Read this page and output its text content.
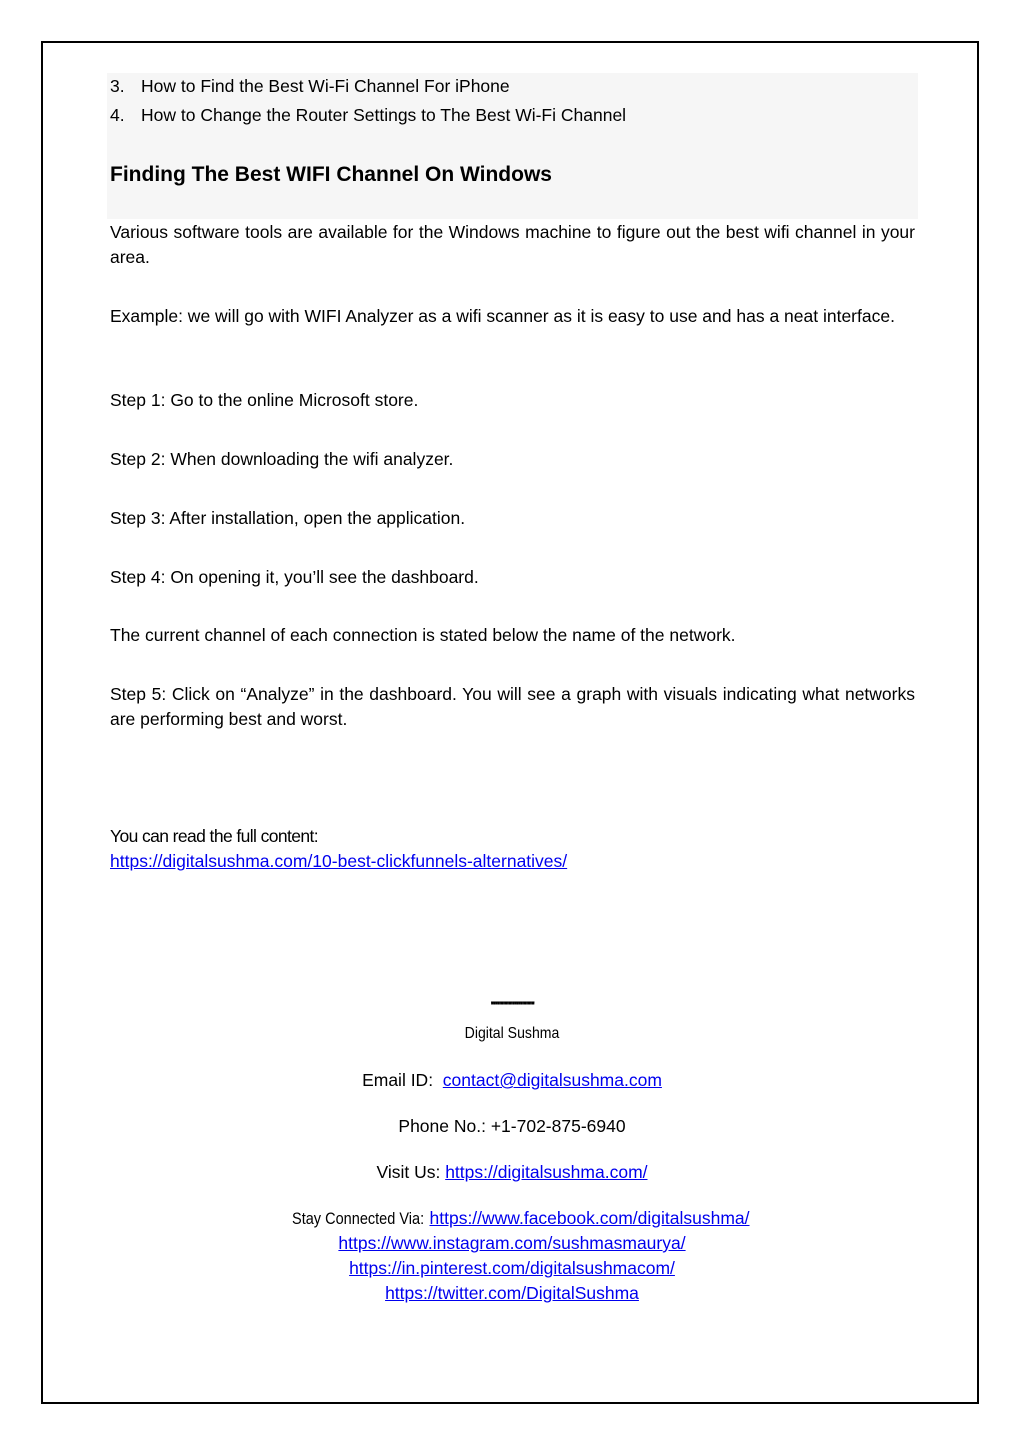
3. How to Find the Best Wi-Fi Channel For iPhone
4. How to Change the Router Settings to The Best Wi-Fi Channel
Finding The Best WIFI Channel On Windows
Various software tools are available for the Windows machine to figure out the best wifi channel in your area.
Example: we will go with WIFI Analyzer as a wifi scanner as it is easy to use and has a neat interface.
Step 1: Go to the online Microsoft store.
Step 2: When downloading the wifi analyzer.
Step 3: After installation, open the application.
Step 4: On opening it, you’ll see the dashboard.
The current channel of each connection is stated below the name of the network.
Step 5: Click on “Analyze” in the dashboard. You will see a graph with visuals indicating what networks are performing best and worst.
You can read the full content:
https://digitalsushma.com/10-best-clickfunnels-alternatives/
''''''''''''''''''''''''''''''''
Digital Sushma
Email ID: contact@digitalsushma.com
Phone No.: +1-702-875-6940
Visit Us: https://digitalsushma.com/
Stay Connected Via: https://www.facebook.com/digitalsushma/
https://www.instagram.com/sushmasmaurya/
https://in.pinterest.com/digitalsushmacom/
https://twitter.com/DigitalSushma
